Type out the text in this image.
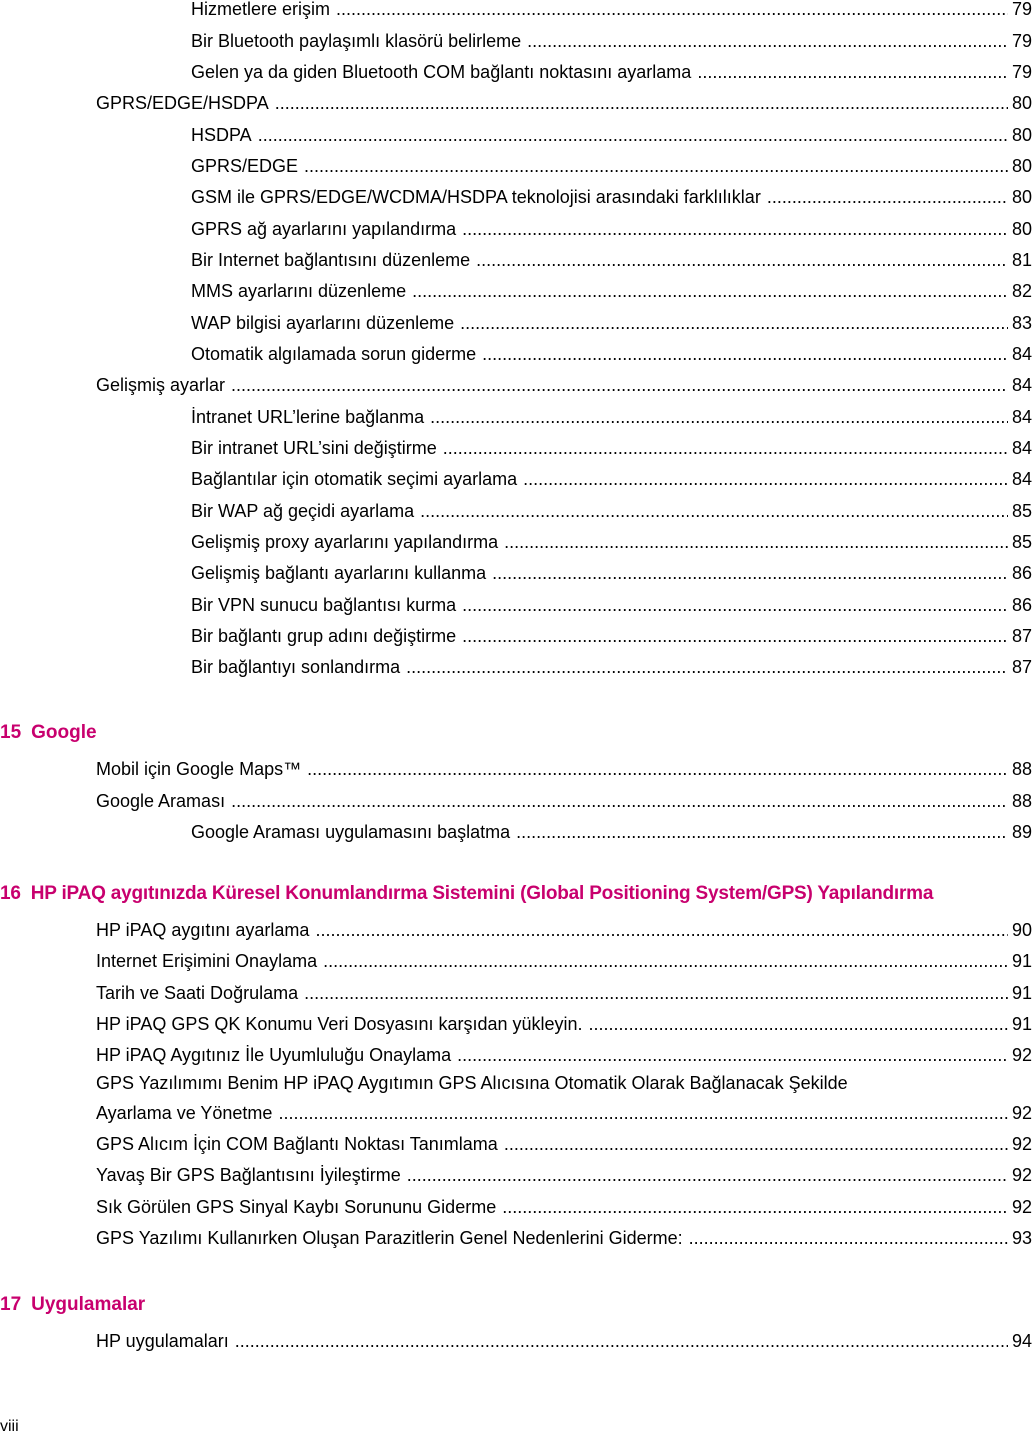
Hizmetlere erişim . . .	79
Bir Bluetooth paylaşımlı klasörü belirleme . . .	79
Gelen ya da giden Bluetooth COM bağlantı noktasını ayarlama . . .	79
GPRS/EDGE/HSDPA . . .	80
HSDPA . . .	80
GPRS/EDGE . . .	80
GSM ile GPRS/EDGE/WCDMA/HSDPA teknolojisi arasındaki farklılıklar . . .	80
GPRS ağ ayarlarını yapılandırma . . .	80
Bir Internet bağlantısını düzenleme . . .	81
MMS ayarlarını düzenleme . . .	82
WAP bilgisi ayarlarını düzenleme . . .	83
Otomatik algılamada sorun giderme . . .	84
Gelişmiş ayarlar . . .	84
İntranet URL’lerine bağlanma . . .	84
Bir intranet URL’sini değiştirme . . .	84
Bağlantılar için otomatik seçimi ayarlama . . .	84
Bir WAP ağ geçidi ayarlama . . .	85
Gelişmiş proxy ayarlarını yapılandırma . . .	85
Gelişmiş bağlantı ayarlarını kullanma . . .	86
Bir VPN sunucu bağlantısı kurma . . .	86
Bir bağlantı grup adını değiştirme . . .	87
Bir bağlantıyı sonlandırma . . .	87
15 Google
Mobil için Google Maps™ . . .	88
Google Araması . . .	88
Google Araması uygulamasını başlatma . . .	89
16 HP iPAQ aygıtınızda Küresel Konumlandırma Sistemini (Global Positioning System/GPS) Yapılandırma
HP iPAQ aygıtını ayarlama . . .	90
Internet Erişimini Onaylama . . .	91
Tarih ve Saati Doğrulama . . .	91
HP iPAQ GPS QK Konumu Veri Dosyasını karşıdan yükleyin. . . .	91
HP iPAQ Aygıtınız İle Uyumluluğu Onaylama . . .	92
GPS Yazılımımı Benim HP iPAQ Aygıtımın GPS Alıcısına Otomatik Olarak Bağlanacak Şekilde
Ayarlama ve Yönetme . . .	92
GPS Alıcım İçin COM Bağlantı Noktası Tanımlama . . .	92
Yavaş Bir GPS Bağlantısını İyileştirme . . .	92
Sık Görülen GPS Sinyal Kaybı Sorununu Giderme . . .	92
GPS Yazılımı Kullanırken Oluşan Parazitlerin Genel Nedenlerini Giderme: . . .	93
17 Uygulamalar
HP uygulamaları . . .	94
viii
